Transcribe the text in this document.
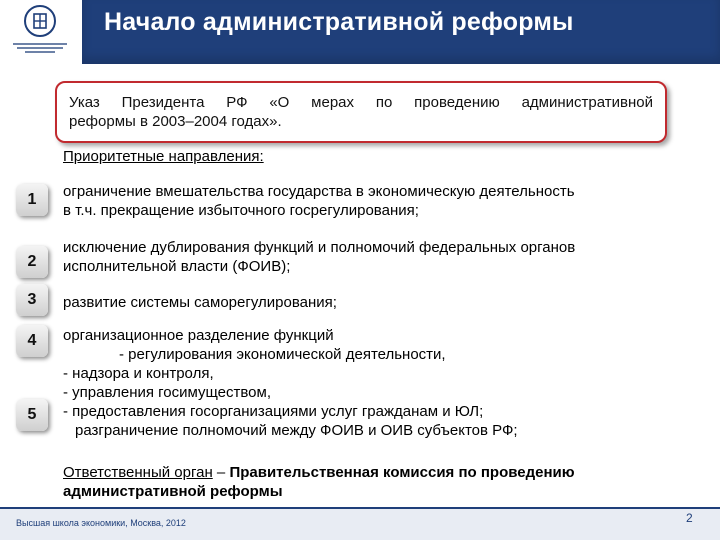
Начало административной реформы
Указ Президента РФ «О мерах по проведению административной
реформы в 2003–2004 годах».
Приоритетные направления:
1
2
3
4
5
ограничение вмешательства государства в экономическую деятельность
в т.ч. прекращение избыточного госрегулирования;
исключение дублирования функций и полномочий федеральных органов
исполнительной власти (ФОИВ);
развитие системы саморегулирования;
организационное разделение функций
- регулирования экономической деятельности,
- надзора и контроля,
- управления госимуществом,
- предоставления госорганизациями услуг гражданам и ЮЛ;
разграничение полномочий между ФОИВ и ОИВ субъектов РФ;
Ответственный орган – Правительственная комиссия по проведению
административной реформы
Высшая школа экономики, Москва, 2012	2
